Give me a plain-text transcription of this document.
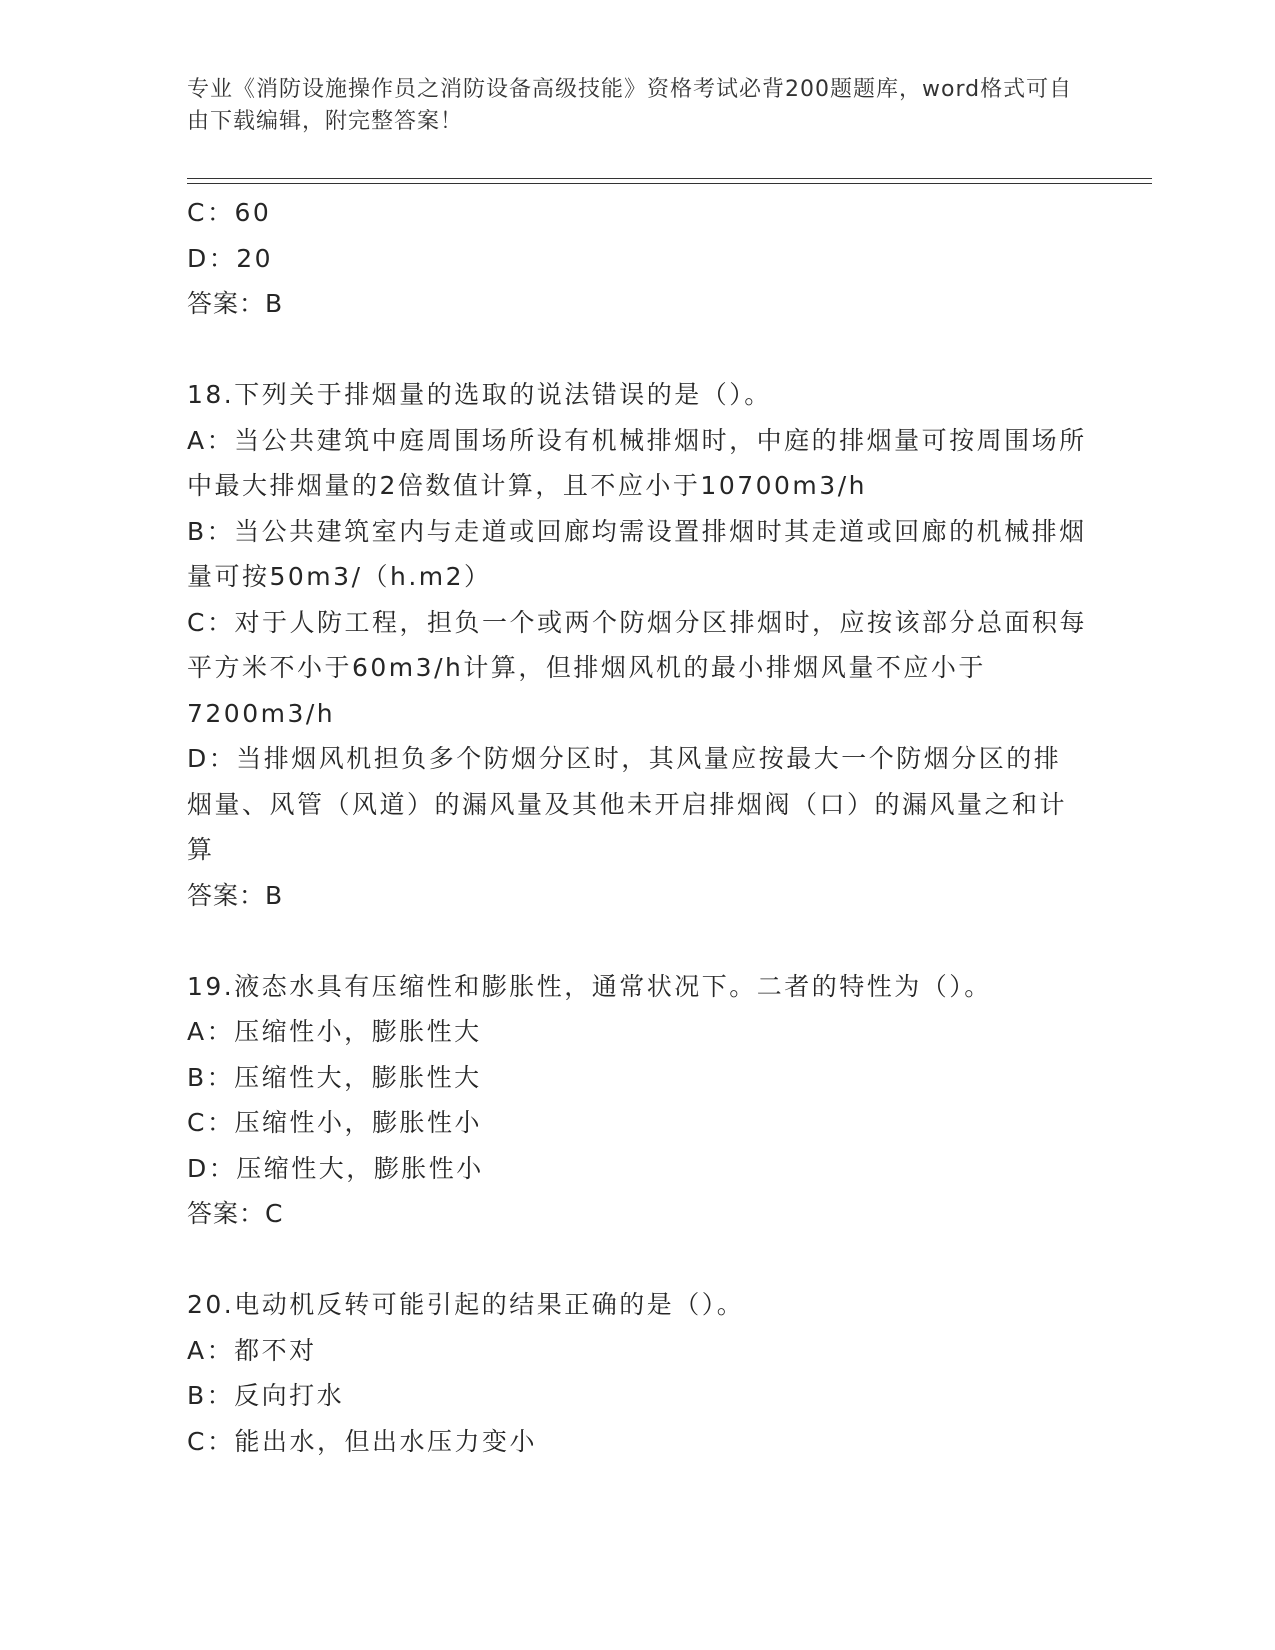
专业《消防设施操作员之消防设备高级技能》资格考试必背200题题库，word格式可自由下载编辑，附完整答案！

C：60

D：20

答案：B

18.下列关于排烟量的选取的说法错误的是（）。

A：当公共建筑中庭周围场所设有机械排烟时，中庭的排烟量可按周围场所中最大排烟量的2倍数值计算，且不应小于10700m3/h

B：当公共建筑室内与走道或回廊均需设置排烟时其走道或回廊的机械排烟量可按50m3/（h.m2）

C：对于人防工程，担负一个或两个防烟分区排烟时，应按该部分总面积每平方米不小于60m3/h计算，但排烟风机的最小排烟风量不应小于7200m3/h

D：当排烟风机担负多个防烟分区时，其风量应按最大一个防烟分区的排烟量、风管（风道）的漏风量及其他未开启排烟阀（口）的漏风量之和计算

答案：B

19.液态水具有压缩性和膨胀性，通常状况下。二者的特性为（）。

A：压缩性小，膨胀性大

B：压缩性大，膨胀性大

C：压缩性小，膨胀性小

D：压缩性大，膨胀性小

答案：C

20.电动机反转可能引起的结果正确的是（）。

A：都不对

B：反向打水

C：能出水，但出水压力变小
